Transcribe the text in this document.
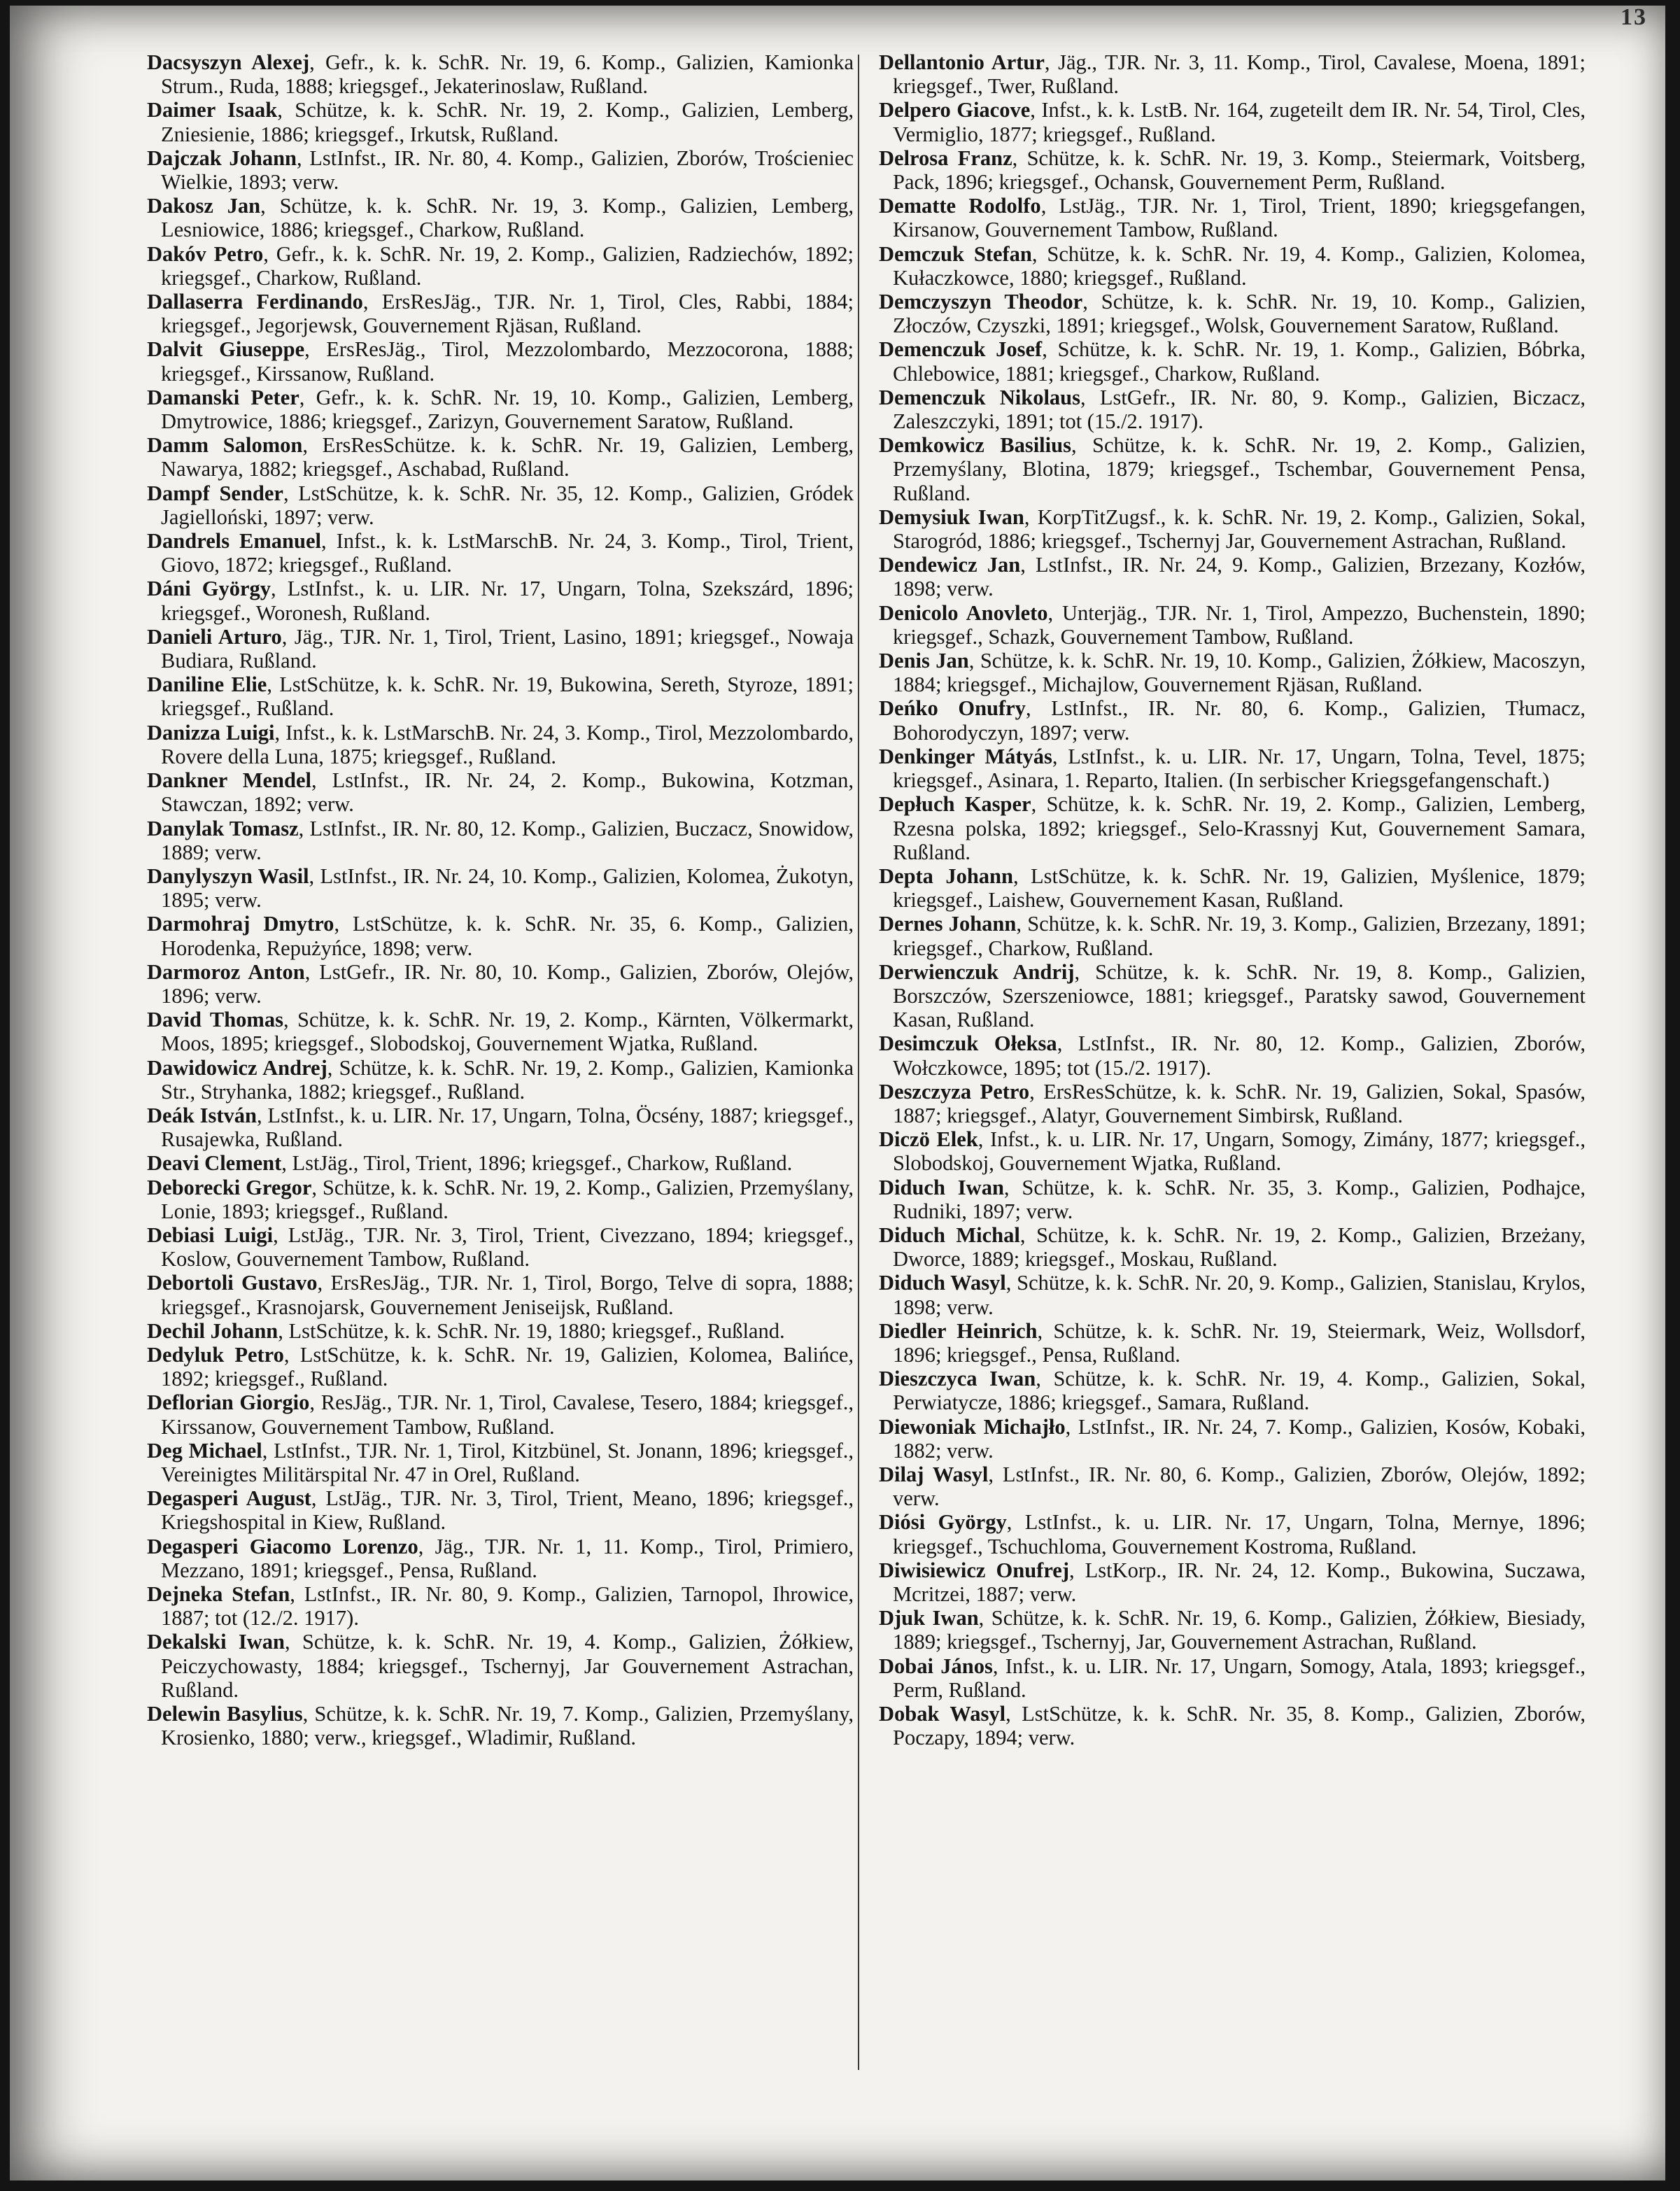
13

Dacsyszyn Alexej, Gefr., k. k. SchR. Nr. 19, 6. Komp., Galizien, Kamionka Strum., Ruda, 1888; kriegsgef., Jekaterinoslaw, Rußland.

Daimer Isaak, Schütze, k. k. SchR. Nr. 19, 2. Komp., Galizien, Lemberg, Zniesienie, 1886; kriegsgef., Irkutsk, Rußland.

Dajczak Johann, LstInfst., IR. Nr. 80, 4. Komp., Galizien, Zborów, Trościeniec Wielkie, 1893; verw.

Dakosz Jan, Schütze, k. k. SchR. Nr. 19, 3. Komp., Galizien, Lemberg, Lesniowice, 1886; kriegsgef., Charkow, Rußland.

Dakóv Petro, Gefr., k. k. SchR. Nr. 19, 2. Komp., Galizien, Radziechów, 1892; kriegsgef., Charkow, Rußland.

Dallaserra Ferdinando, ErsResJäg., TJR. Nr. 1, Tirol, Cles, Rabbi, 1884; kriegsgef., Jegorjewsk, Gouvernement Rjäsan, Rußland.

Dalvit Giuseppe, ErsResJäg., Tirol, Mezzolombardo, Mezzocorona, 1888; kriegsgef., Kirssanow, Rußland.

Damanski Peter, Gefr., k. k. SchR. Nr. 19, 10. Komp., Galizien, Lemberg, Dmytrowice, 1886; kriegsgef., Zarizyn, Gouvernement Saratow, Rußland.

Damm Salomon, ErsResSchütze. k. k. SchR. Nr. 19, Galizien, Lemberg, Nawarya, 1882; kriegsgef., Aschabad, Rußland.

Dampf Sender, LstSchütze, k. k. SchR. Nr. 35, 12. Komp., Galizien, Gródek Jagielloński, 1897; verw.

Dandrels Emanuel, Infst., k. k. LstMarschB. Nr. 24, 3. Komp., Tirol, Trient, Giovo, 1872; kriegsgef., Rußland.

Dáni György, LstInfst., k. u. LIR. Nr. 17, Ungarn, Tolna, Szekszárd, 1896; kriegsgef., Woronesh, Rußland.

Danieli Arturo, Jäg., TJR. Nr. 1, Tirol, Trient, Lasino, 1891; kriegsgef., Nowaja Budiara, Rußland.

Daniline Elie, LstSchütze, k. k. SchR. Nr. 19, Bukowina, Sereth, Styroze, 1891; kriegsgef., Rußland.

Danizza Luigi, Infst., k. k. LstMarschB. Nr. 24, 3. Komp., Tirol, Mezzolombardo, Rovere della Luna, 1875; kriegsgef., Rußland.

Dankner Mendel, LstInfst., IR. Nr. 24, 2. Komp., Bukowina, Kotzman, Stawczan, 1892; verw.

Danylak Tomasz, LstInfst., IR. Nr. 80, 12. Komp., Galizien, Buczacz, Snowidow, 1889; verw.

Danylyszyn Wasil, LstInfst., IR. Nr. 24, 10. Komp., Galizien, Kolomea, Żukotyn, 1895; verw.

Darmohraj Dmytro, LstSchütze, k. k. SchR. Nr. 35, 6. Komp., Galizien, Horodenka, Repużyńce, 1898; verw.

Darmoroz Anton, LstGefr., IR. Nr. 80, 10. Komp., Galizien, Zborów, Olejów, 1896; verw.

David Thomas, Schütze, k. k. SchR. Nr. 19, 2. Komp., Kärnten, Völkermarkt, Moos, 1895; kriegsgef., Slobodskoj, Gouvernement Wjatka, Rußland.

Dawidowicz Andrej, Schütze, k. k. SchR. Nr. 19, 2. Komp., Galizien, Kamionka Str., Stryhanka, 1882; kriegsgef., Rußland.

Deák István, LstInfst., k. u. LIR. Nr. 17, Ungarn, Tolna, Öcsény, 1887; kriegsgef., Rusajewka, Rußland.

Deavi Clement, LstJäg., Tirol, Trient, 1896; kriegsgef., Charkow, Rußland.

Deborecki Gregor, Schütze, k. k. SchR. Nr. 19, 2. Komp., Galizien, Przemyślany, Lonie, 1893; kriegsgef., Rußland.

Debiasi Luigi, LstJäg., TJR. Nr. 3, Tirol, Trient, Civezzano, 1894; kriegsgef., Koslow, Gouvernement Tambow, Rußland.

Debortoli Gustavo, ErsResJäg., TJR. Nr. 1, Tirol, Borgo, Telve di sopra, 1888; kriegsgef., Krasnojarsk, Gouvernement Jeniseijsk, Rußland.

Dechil Johann, LstSchütze, k. k. SchR. Nr. 19, 1880; kriegsgef., Rußland.

Dedyluk Petro, LstSchütze, k. k. SchR. Nr. 19, Galizien, Kolomea, Balińce, 1892; kriegsgef., Rußland.

Deflorian Giorgio, ResJäg., TJR. Nr. 1, Tirol, Cavalese, Tesero, 1884; kriegsgef., Kirssanow, Gouvernement Tambow, Rußland.

Deg Michael, LstInfst., TJR. Nr. 1, Tirol, Kitzbünel, St. Jonann, 1896; kriegsgef., Vereinigtes Militärspital Nr. 47 in Orel, Rußland.

Degasperi August, LstJäg., TJR. Nr. 3, Tirol, Trient, Meano, 1896; kriegsgef., Kriegshospital in Kiew, Rußland.

Degasperi Giacomo Lorenzo, Jäg., TJR. Nr. 1, 11. Komp., Tirol, Primiero, Mezzano, 1891; kriegsgef., Pensa, Rußland.

Dejneka Stefan, LstInfst., IR. Nr. 80, 9. Komp., Galizien, Tarnopol, Ihrowice, 1887; tot (12./2. 1917).

Dekalski Iwan, Schütze, k. k. SchR. Nr. 19, 4. Komp., Galizien, Żółkiew, Peiczychowasty, 1884; kriegsgef., Tschernyj, Jar Gouvernement Astrachan, Rußland.

Delewin Basylius, Schütze, k. k. SchR. Nr. 19, 7. Komp., Galizien, Przemyślany, Krosienko, 1880; verw., kriegsgef., Wladimir, Rußland.

Dellantonio Artur, Jäg., TJR. Nr. 3, 11. Komp., Tirol, Cavalese, Moena, 1891; kriegsgef., Twer, Rußland.

Delpero Giacove, Infst., k. k. LstB. Nr. 164, zugeteilt dem IR. Nr. 54, Tirol, Cles, Vermiglio, 1877; kriegsgef., Rußland.

Delrosa Franz, Schütze, k. k. SchR. Nr. 19, 3. Komp., Steiermark, Voitsberg, Pack, 1896; kriegsgef., Ochansk, Gouvernement Perm, Rußland.

Dematte Rodolfo, LstJäg., TJR. Nr. 1, Tirol, Trient, 1890; kriegsgefangen, Kirsanow, Gouvernement Tambow, Rußland.

Demczuk Stefan, Schütze, k. k. SchR. Nr. 19, 4. Komp., Galizien, Kolomea, Kułaczkowce, 1880; kriegsgef., Rußland.

Demczyszyn Theodor, Schütze, k. k. SchR. Nr. 19, 10. Komp., Galizien, Złoczów, Czyszki, 1891; kriegsgef., Wolsk, Gouvernement Saratow, Rußland.

Demenczuk Josef, Schütze, k. k. SchR. Nr. 19, 1. Komp., Galizien, Bóbrka, Chlebowice, 1881; kriegsgef., Charkow, Rußland.

Demenczuk Nikolaus, LstGefr., IR. Nr. 80, 9. Komp., Galizien, Biczacz, Zaleszczyki, 1891; tot (15./2. 1917).

Demkowicz Basilius, Schütze, k. k. SchR. Nr. 19, 2. Komp., Galizien, Przemyślany, Blotina, 1879; kriegsgef., Tschembar, Gouvernement Pensa, Rußland.

Demysiuk Iwan, KorpTitZugsf., k. k. SchR. Nr. 19, 2. Komp., Galizien, Sokal, Starogród, 1886; kriegsgef., Tschernyj Jar, Gouvernement Astrachan, Rußland.

Dendewicz Jan, LstInfst., IR. Nr. 24, 9. Komp., Galizien, Brzezany, Kozłów, 1898; verw.

Denicolo Anovleto, Unterjäg., TJR. Nr. 1, Tirol, Ampezzo, Buchenstein, 1890; kriegsgef., Schazk, Gouvernement Tambow, Rußland.

Denis Jan, Schütze, k. k. SchR. Nr. 19, 10. Komp., Galizien, Żółkiew, Macoszyn, 1884; kriegsgef., Michajlow, Gouvernement Rjäsan, Rußland.

Deńko Onufry, LstInfst., IR. Nr. 80, 6. Komp., Galizien, Tłumacz, Bohorodyczyn, 1897; verw.

Denkinger Mátyás, LstInfst., k. u. LIR. Nr. 17, Ungarn, Tolna, Tevel, 1875; kriegsgef., Asinara, 1. Reparto, Italien. (In serbischer Kriegsgefangenschaft.)

Depłuch Kasper, Schütze, k. k. SchR. Nr. 19, 2. Komp., Galizien, Lemberg, Rzesna polska, 1892; kriegsgef., Selo-Krassnyj Kut, Gouvernement Samara, Rußland.

Depta Johann, LstSchütze, k. k. SchR. Nr. 19, Galizien, Myślenice, 1879; kriegsgef., Laishew, Gouvernement Kasan, Rußland.

Dernes Johann, Schütze, k. k. SchR. Nr. 19, 3. Komp., Galizien, Brzezany, 1891; kriegsgef., Charkow, Rußland.

Derwienczuk Andrij, Schütze, k. k. SchR. Nr. 19, 8. Komp., Galizien, Borszczów, Szerszeniowce, 1881; kriegsgef., Paratsky sawod, Gouvernement Kasan, Rußland.

Desimczuk Ołeksa, LstInfst., IR. Nr. 80, 12. Komp., Galizien, Zborów, Wołczkowce, 1895; tot (15./2. 1917).

Deszczyza Petro, ErsResSchütze, k. k. SchR. Nr. 19, Galizien, Sokal, Spasów, 1887; kriegsgef., Alatyr, Gouvernement Simbirsk, Rußland.

Diczö Elek, Infst., k. u. LIR. Nr. 17, Ungarn, Somogy, Zimány, 1877; kriegsgef., Slobodskoj, Gouvernement Wjatka, Rußland.

Diduch Iwan, Schütze, k. k. SchR. Nr. 35, 3. Komp., Galizien, Podhajce, Rudniki, 1897; verw.

Diduch Michal, Schütze, k. k. SchR. Nr. 19, 2. Komp., Galizien, Brzeżany, Dworce, 1889; kriegsgef., Moskau, Rußland.

Diduch Wasyl, Schütze, k. k. SchR. Nr. 20, 9. Komp., Galizien, Stanislau, Krylos, 1898; verw.

Diedler Heinrich, Schütze, k. k. SchR. Nr. 19, Steiermark, Weiz, Wollsdorf, 1896; kriegsgef., Pensa, Rußland.

Dieszczyca Iwan, Schütze, k. k. SchR. Nr. 19, 4. Komp., Galizien, Sokal, Perwiatycze, 1886; kriegsgef., Samara, Rußland.

Diewoniak Michajło, LstInfst., IR. Nr. 24, 7. Komp., Galizien, Kosów, Kobaki, 1882; verw.

Dilaj Wasyl, LstInfst., IR. Nr. 80, 6. Komp., Galizien, Zborów, Olejów, 1892; verw.

Diósi György, LstInfst., k. u. LIR. Nr. 17, Ungarn, Tolna, Mernye, 1896; kriegsgef., Tschuchloma, Gouvernement Kostroma, Rußland.

Diwisiewicz Onufrej, LstKorp., IR. Nr. 24, 12. Komp., Bukowina, Suczawa, Mcritzei, 1887; verw.

Djuk Iwan, Schütze, k. k. SchR. Nr. 19, 6. Komp., Galizien, Żółkiew, Biesiady, 1889; kriegsgef., Tschernyj, Jar, Gouvernement Astrachan, Rußland.

Dobai János, Infst., k. u. LIR. Nr. 17, Ungarn, Somogy, Atala, 1893; kriegsgef., Perm, Rußland.

Dobak Wasyl, LstSchütze, k. k. SchR. Nr. 35, 8. Komp., Galizien, Zborów, Poczapy, 1894; verw.
